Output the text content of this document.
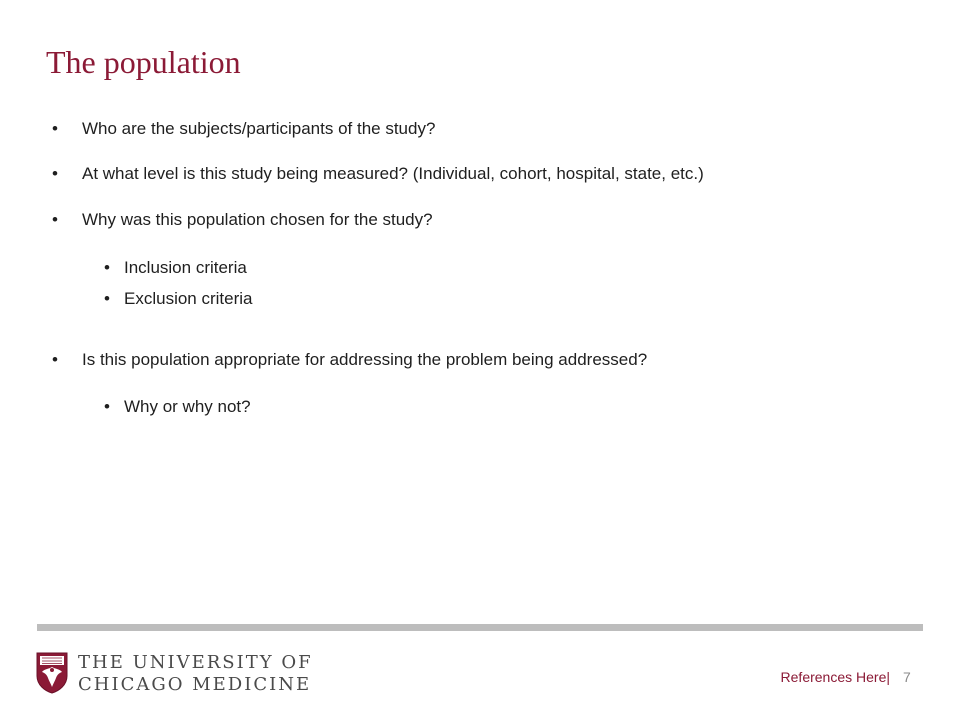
The population
• Who are the subjects/participants of the study?
• At what level is this study being measured? (Individual, cohort, hospital, state, etc.)
• Why was this population chosen for the study?
• Inclusion criteria
• Exclusion criteria
• Is this population appropriate for addressing the problem being addressed?
• Why or why not?
THE UNIVERSITY OF
CHICAGO MEDICINE	References Here| 7
